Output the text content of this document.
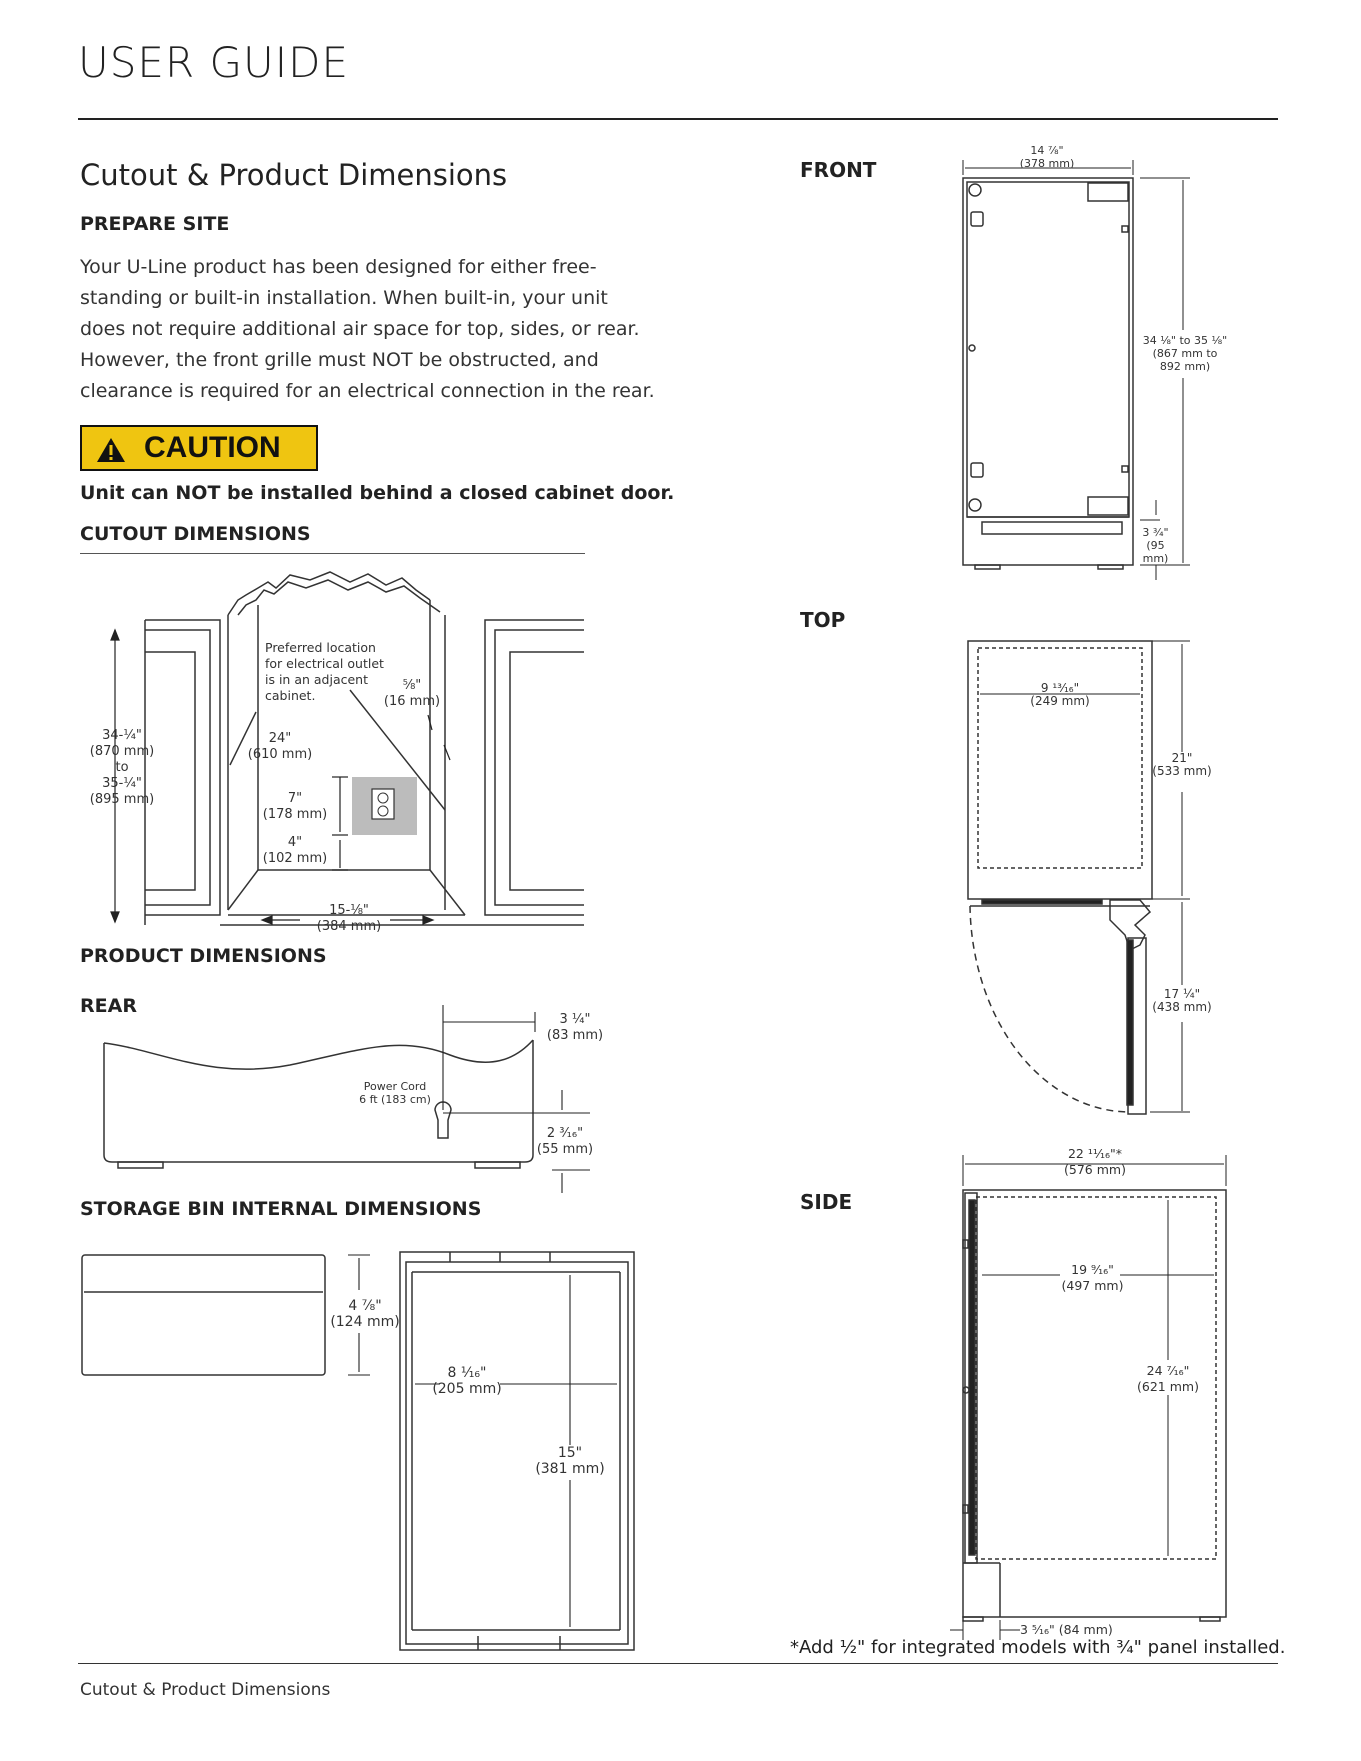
USER GUIDE
Cutout & Product Dimensions
PREPARE SITE
Your U-Line product has been designed for either free-
standing or built-in installation. When built-in, your unit
does not require additional air space for top, sides, or rear.
However, the front grille must NOT be obstructed, and
clearance is required for an electrical connection in the rear.
CAUTION
Unit can NOT be installed behind a closed cabinet door.
CUTOUT DIMENSIONS
34-¼"
(870 mm)
to
35-¼"
(895 mm)
24"
(610 mm)
Preferred location
for electrical outlet
is in an adjacent
cabinet.
⅝"
(16 mm)
7"
(178 mm)
4"
(102 mm)
15-⅛"
(384 mm)
PRODUCT DIMENSIONS
REAR
3 ¼"
(83 mm)
Power Cord
6 ft (183 cm)
2 ³⁄₁₆"
(55 mm)
STORAGE BIN INTERNAL DIMENSIONS
4 ⅞"
(124 mm)
8 ¹⁄₁₆"
(205 mm)
15"
(381 mm)
FRONT
14 ⅞"
(378 mm)
34 ⅛" to 35 ⅛"
(867 mm to
892 mm)
3 ¾"
(95 mm)
TOP
9 ¹³⁄₁₆"
(249 mm)
21"
(533 mm)
17 ¼"
(438 mm)
SIDE
22 ¹¹⁄₁₆"*
(576 mm)
19 ⁹⁄₁₆"
(497 mm)
24 ⁷⁄₁₆"
(621 mm)
3 ⁵⁄₁₆" (84 mm)
*Add ½" for integrated models with ¾" panel installed.
Cutout & Product Dimensions
